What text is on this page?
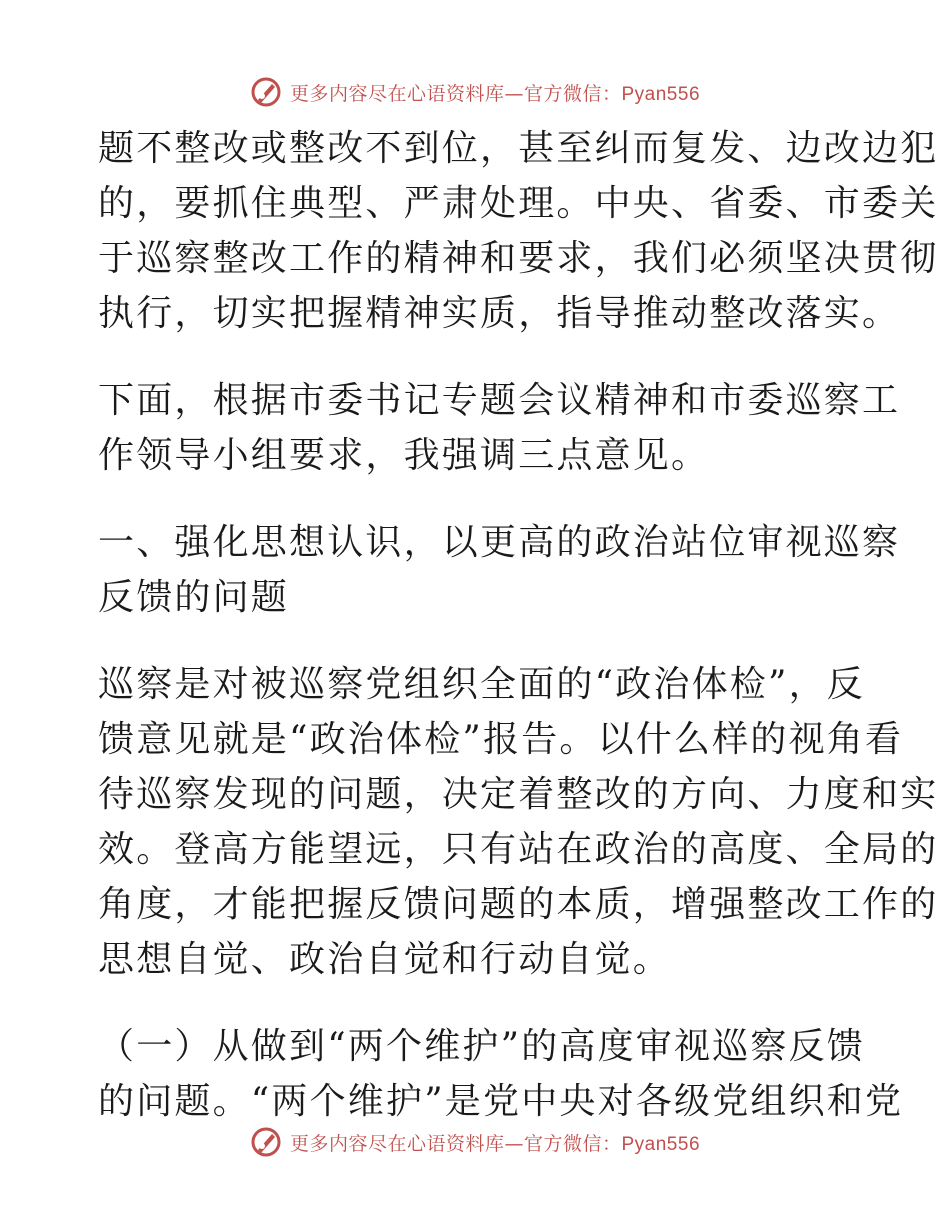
更多内容尽在心语资料库—官方微信：Pyan556
题不整改或整改不到位，甚至纠而复发、边改边犯
的，要抓住典型、严肃处理。中央、省委、市委关
于巡察整改工作的精神和要求，我们必须坚决贯彻
执行，切实把握精神实质，指导推动整改落实。
下面，根据市委书记专题会议精神和市委巡察工
作领导小组要求，我强调三点意见。
一、强化思想认识，以更高的政治站位审视巡察
反馈的问题
巡察是对被巡察党组织全面的“政治体检”，反
馈意见就是“政治体检”报告。以什么样的视角看
待巡察发现的问题，决定着整改的方向、力度和实
效。登高方能望远，只有站在政治的高度、全局的
角度，才能把握反馈问题的本质，增强整改工作的
思想自觉、政治自觉和行动自觉。
（一）从做到“两个维护”的高度审视巡察反馈
的问题。“两个维护”是党中央对各级党组织和党
更多内容尽在心语资料库—官方微信：Pyan556
